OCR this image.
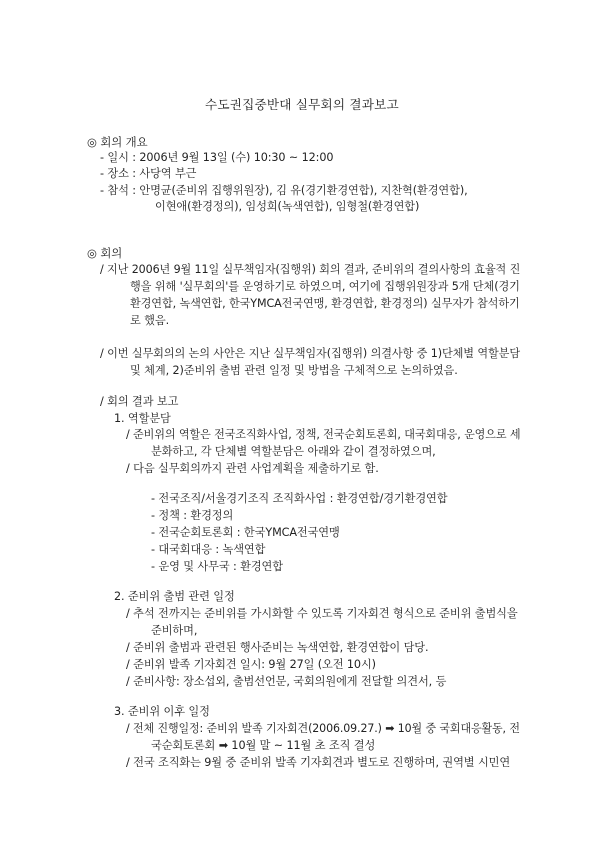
수도권집중반대 실무회의 결과보고
◎ 회의 개요
- 일시 : 2006년 9월 13일 (수) 10:30 ~ 12:00
- 장소 : 사당역 부근
- 참석 : 안명균(준비위 집행위원장), 김 유(경기환경연합), 지찬혁(환경연합),
이현애(환경정의), 임성희(녹색연합), 임형철(환경연합)
◎ 회의
/ 지난 2006년 9월 11일 실무책임자(집행위) 회의 결과, 준비위의 결의사항의 효율적 진
행을 위해 '실무회의'를 운영하기로 하였으며, 여기에 집행위원장과 5개 단체(경기
환경연합, 녹색연합, 한국YMCA전국연맹, 환경연합, 환경정의) 실무자가 참석하기
로 했음.
/ 이번 실무회의의 논의 사안은 지난 실무책임자(집행위) 의결사항 중 1)단체별 역할분담
및 체계, 2)준비위 출범 관련 일정 및 방법을 구체적으로 논의하였음.
/ 회의 결과 보고
1. 역할분담
/ 준비위의 역할은 전국조직화사업, 정책, 전국순회토론회, 대국회대응, 운영으로 세
분화하고, 각 단체별 역할분담은 아래와 같이 결정하였으며,
/ 다음 실무회의까지 관련 사업계획을 제출하기로 함.
- 전국조직/서울경기조직 조직화사업 : 환경연합/경기환경연합
- 정책 : 환경정의
- 전국순회토론회 : 한국YMCA전국연맹
- 대국회대응 : 녹색연합
- 운영 및 사무국 : 환경연합
2. 준비위 출범 관련 일정
/ 추석 전까지는 준비위를 가시화할 수 있도록 기자회견 형식으로 준비위 출범식을
준비하며,
/ 준비위 출범과 관련된 행사준비는 녹색연합, 환경연합이 담당.
/ 준비위 발족 기자회견 일시: 9월 27일 (오전 10시)
/ 준비사항: 장소섭외, 출범선언문, 국회의원에게 전달할 의견서, 등
3. 준비위 이후 일정
/ 전체 진행일정: 준비위 발족 기자회견(2006.09.27.) ➡ 10월 중 국회대응활동, 전
국순회토론회 ➡ 10월 말 ~ 11월 초 조직 결성
/ 전국 조직화는 9월 중 준비위 발족 기자회견과 별도로 진행하며, 권역별 시민연
